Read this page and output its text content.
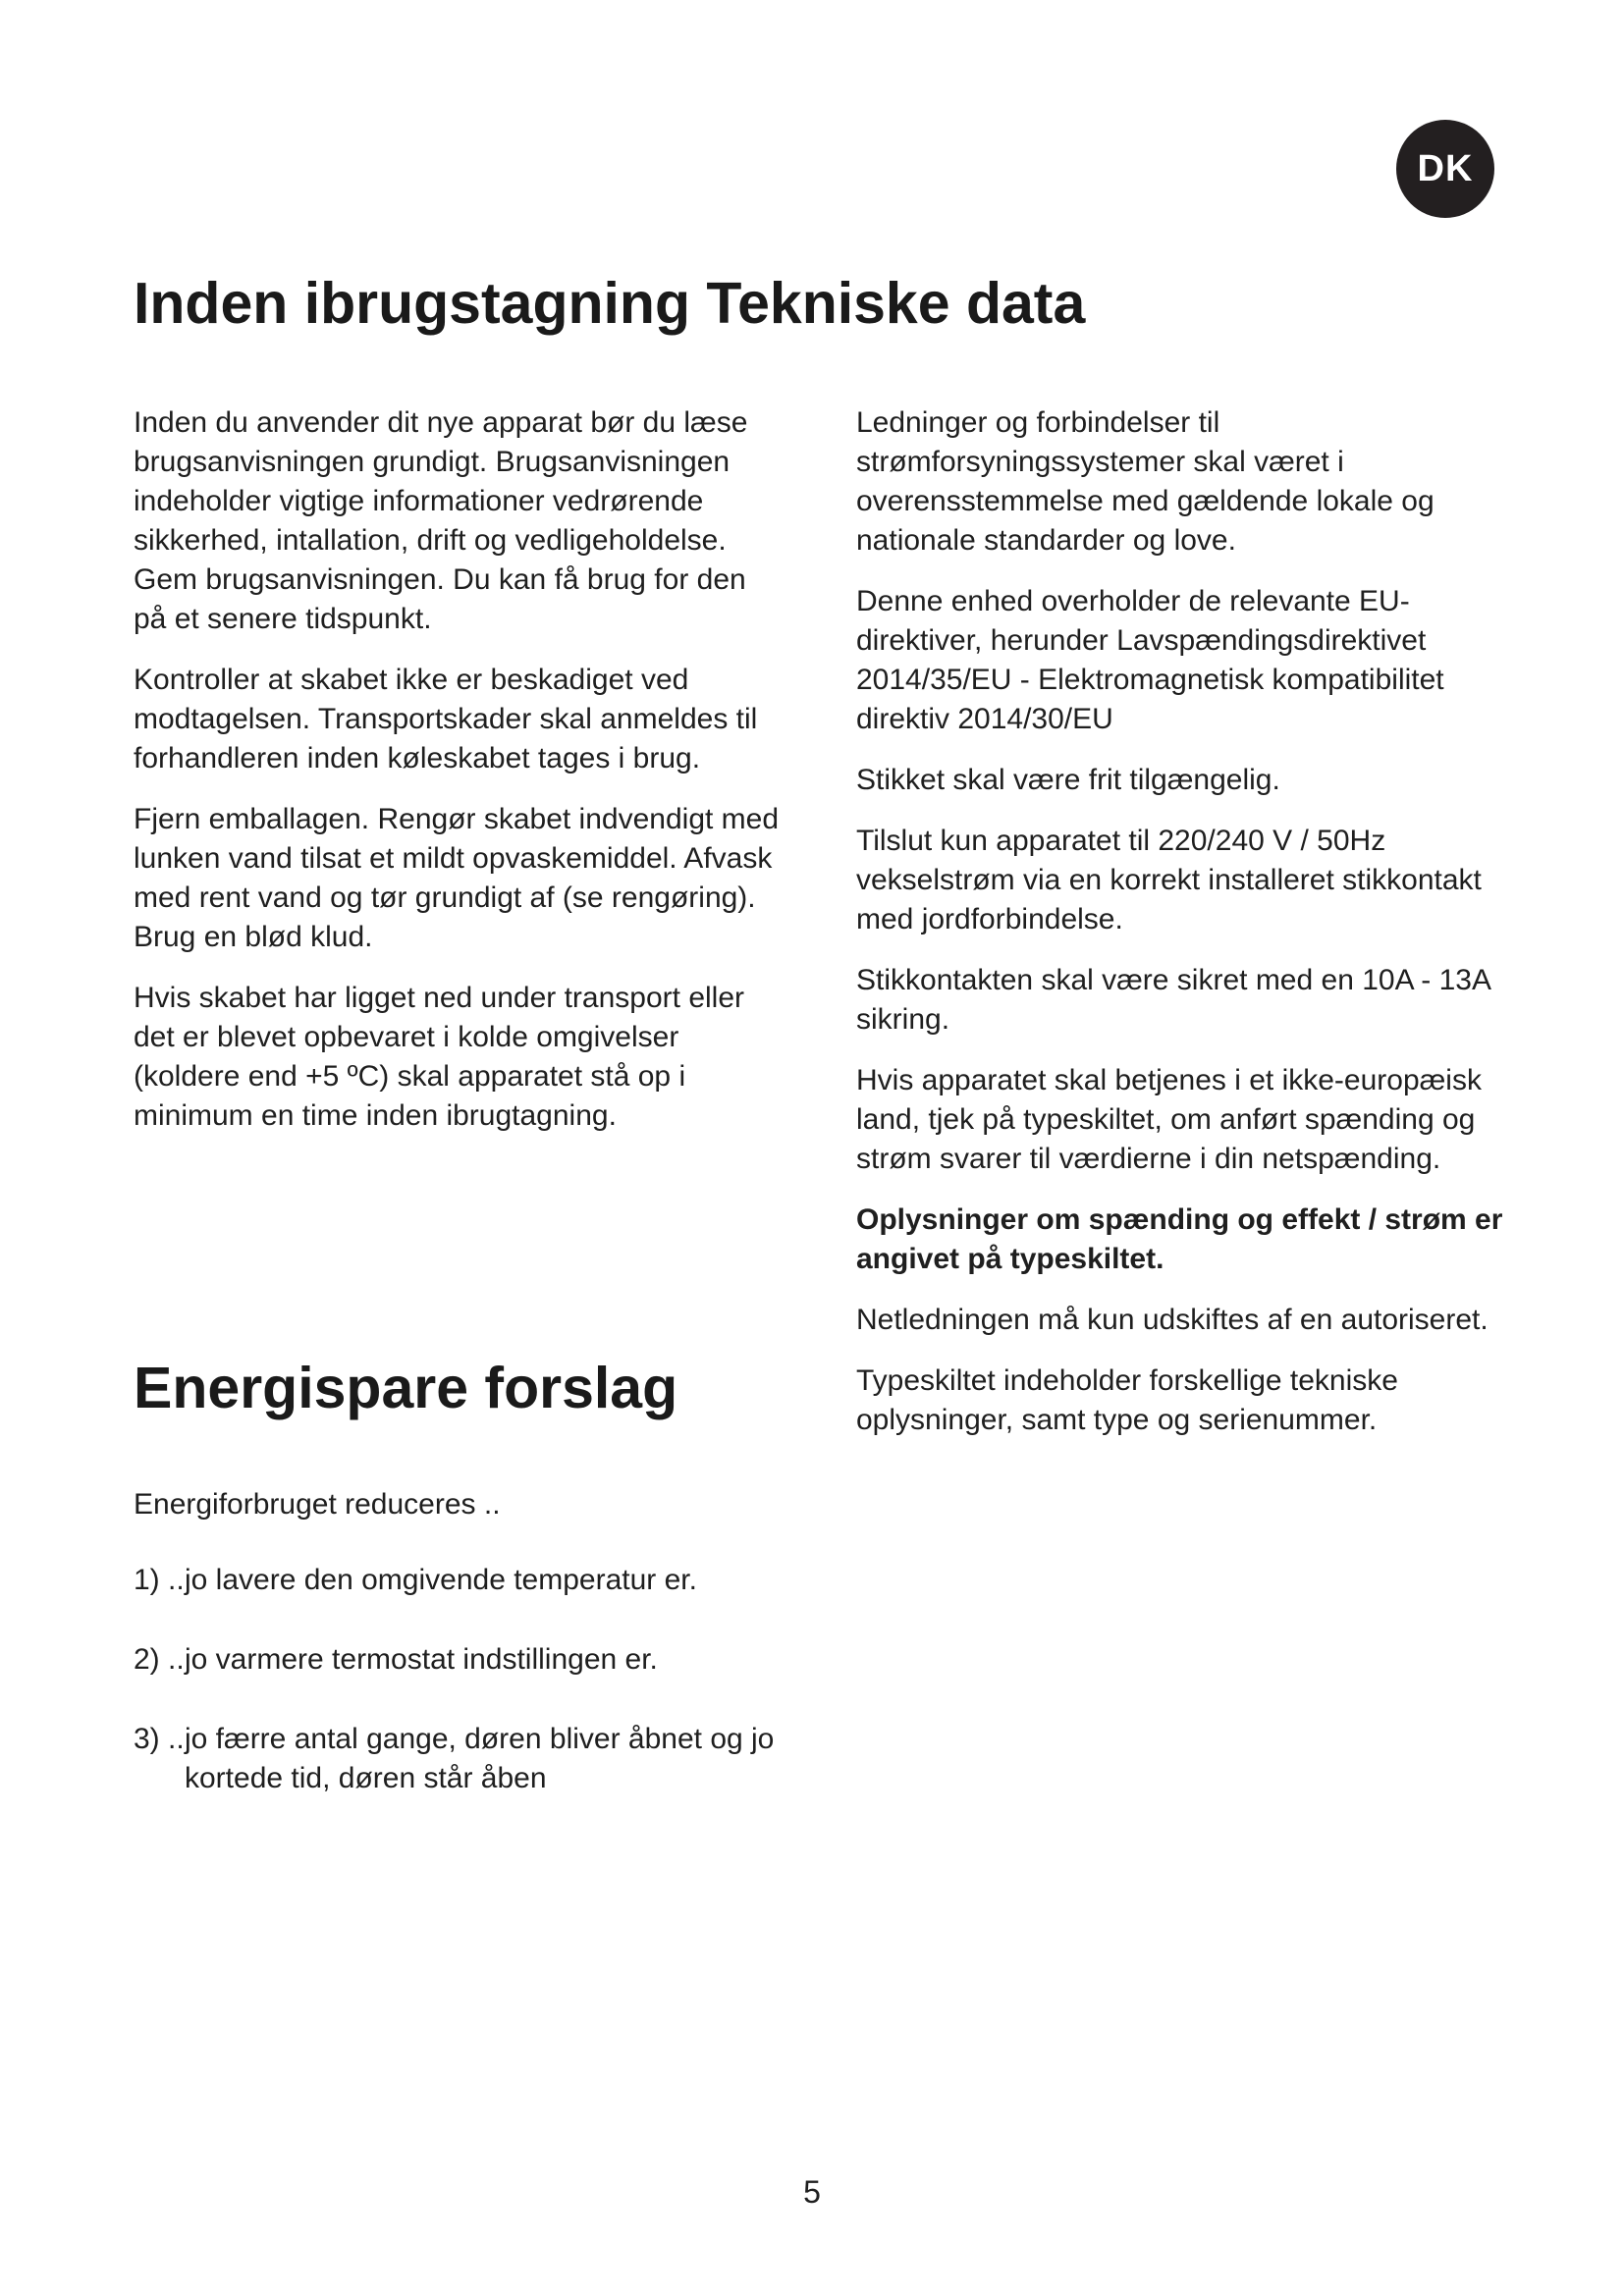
DK
Inden ibrugstagning Tekniske data

Inden du anvender dit nye apparat bør du læse brugsanvisningen grundigt. Brugsanvisningen indeholder vigtige informationer vedrørende sikkerhed, intallation, drift og vedligeholdelse. Gem brugsanvisningen. Du kan få brug for den på et senere tidspunkt.

Kontroller at skabet ikke er beskadiget ved modtagelsen. Transportskader skal anmeldes til forhandleren inden køleskabet tages i brug.

Fjern emballagen. Rengør skabet indvendigt med lunken vand tilsat et mildt opvaskemiddel. Afvask med rent vand og tør grundigt af (se rengøring). Brug en blød klud.

Hvis skabet har ligget ned under transport eller det er blevet opbevaret i kolde omgivelser (koldere end +5 ºC) skal apparatet stå op i minimum en time inden ibrugtagning.

Ledninger og forbindelser til strømforsyningssystemer skal været i overensstemmelse med gældende lokale og nationale standarder og love.

Denne enhed overholder de relevante EU-direktiver, herunder Lavspændingsdirektivet 2014/35/EU - Elektromagnetisk kompatibilitet direktiv 2014/30/EU

Stikket skal være frit tilgængelig.

Tilslut kun apparatet til 220/240 V / 50Hz vekselstrøm via en korrekt installeret stikkontakt med jordforbindelse.

Stikkontakten skal være sikret med en 10A - 13A sikring.

Hvis apparatet skal betjenes i et ikke-europæisk land, tjek på typeskiltet, om anført spænding og strøm svarer til værdierne i din netspænding.

Oplysninger om spænding og effekt / strøm er angivet på typeskiltet.

Netledningen må kun udskiftes af en autoriseret.

Typeskiltet indeholder forskellige tekniske oplysninger, samt type og serienummer.

Energispare forslag

Energiforbruget reduceres ..

1) .. jo lavere den omgivende temperatur er.
2) .. jo varmere termostat indstillingen er.
3) .. jo færre antal gange, døren bliver åbnet og jo kortede tid, døren står åben
5
